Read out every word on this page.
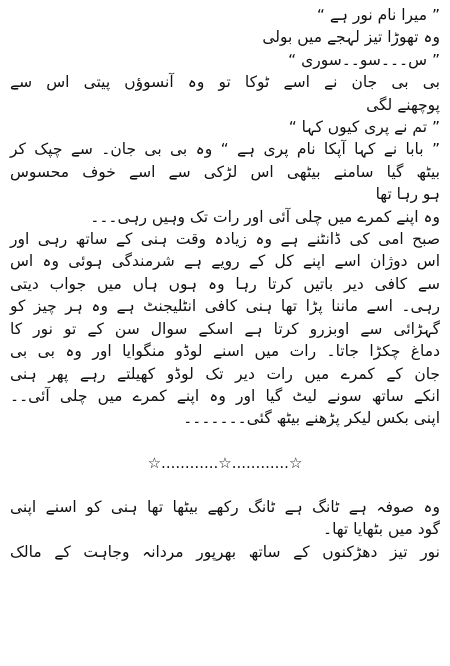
” میرا نام نور ہے “

وہ تھوڑا تیز لہجے میں بولی

” س۔۔۔سو۔۔سوری “

بی بی جان نے اسے ٹوکا تو وہ آنسوؤں پیتی اس سے

پوچھنے لگی

” تم نے پری کیوں کہا “

” بابا نے کہا آپکا نام پری ہے “ وہ بی بی جان۔ سے چپک کر

بیٹھ گیا سامنے بیٹھی اس لڑکی سے اسے خوف محسوس

ہو رہا تھا

وہ اپنے کمرے میں چلی آئی اور رات تک وہیں رہی۔۔۔

صبح امی کی ڈانٹنے ہے وہ زیادہ وقت ہنی کے ساتھ رہی اور

اس دوژان اسے اپنے کل کے رویے ہے شرمندگی ہوئی وہ اس

سے کافی دیر باتیں کرتا رہا وہ ہوں ہاں میں جواب دیتی

رہی۔ اسے ماننا پڑا تھا ہنی کافی انٹلیجنٹ ہے وہ ہر چیز کو

گہڑائی سے اوبزرو کرتا ہے اسکے سوال سن کے تو نور کا

دماغ چکڑا جاتا۔ رات میں اسنے لوڈو منگوایا اور وہ بی بی

جان کے کمرے میں رات دیر تک لوڈو کھیلتے رہے پھر ہنی

انکے ساتھ سونے لیٹ گیا اور وہ اپنے کمرے میں چلی آئی۔۔

اپنی بکس لیکر پڑھنے بیٹھ گئی۔۔۔۔۔۔۔

☆............☆............☆

وہ صوفہ ہے ٹانگ ہے ٹانگ رکھے بیٹھا تھا ہنی کو اسنے اپنی

گود میں بٹھایا تھا۔

نور تیز دھڑکنوں کے ساتھ بھرپور مردانہ وجاہت کے مالک
